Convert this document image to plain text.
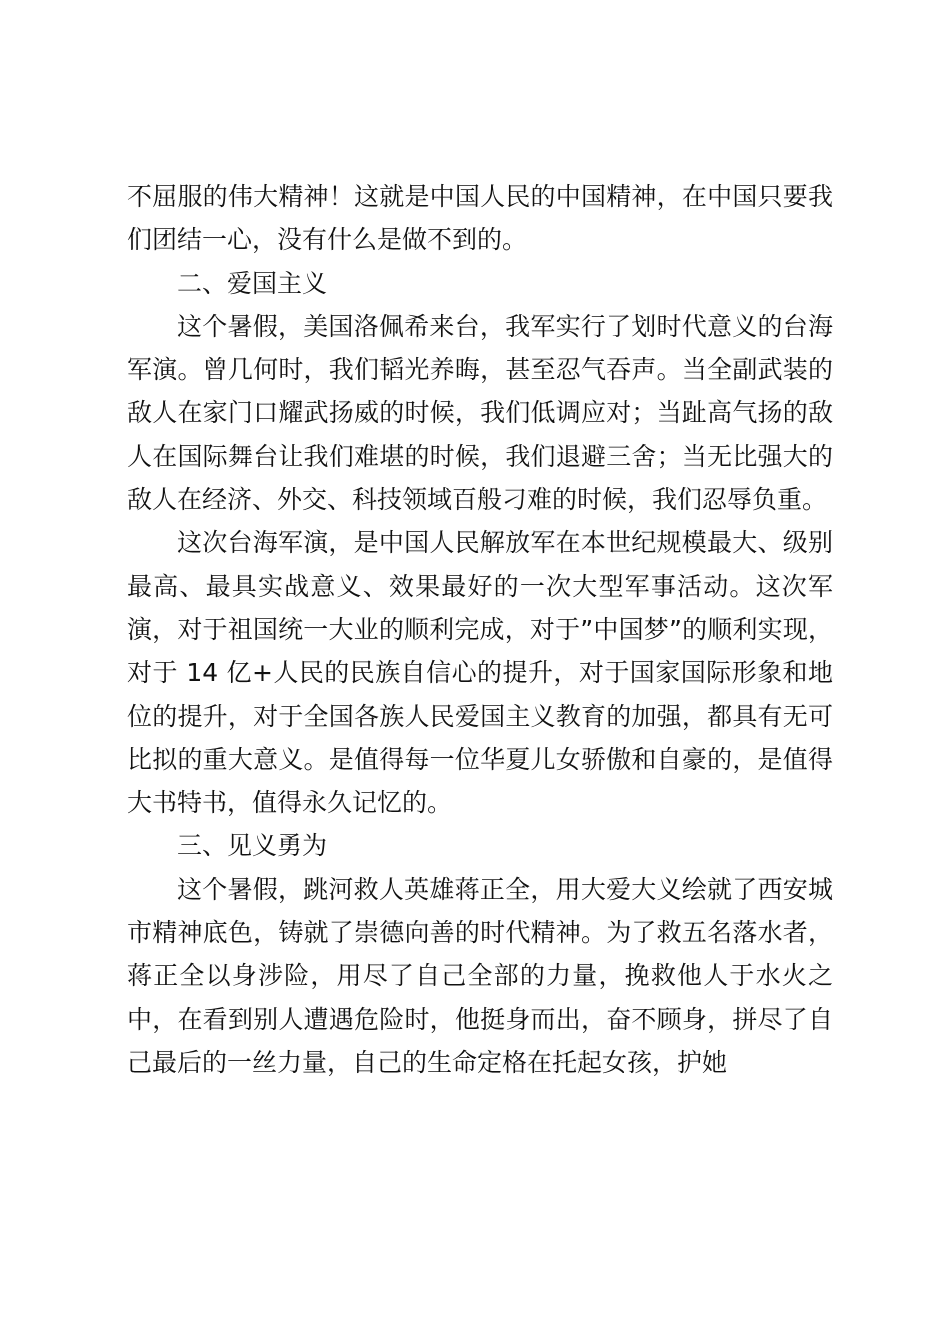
不屈服的伟大精神！这就是中国人民的中国精神，在中国只要我们团结一心，没有什么是做不到的。

二、爱国主义

这个暑假，美国洛佩希来台，我军实行了划时代意义的台海军演。曾几何时，我们韬光养晦，甚至忍气吞声。当全副武装的敌人在家门口耀武扬威的时候，我们低调应对；当趾高气扬的敌人在国际舞台让我们难堪的时候，我们退避三舍；当无比强大的敌人在经济、外交、科技领域百般刁难的时候，我们忍辱负重。

这次台海军演，是中国人民解放军在本世纪规模最大、级别最高、最具实战意义、效果最好的一次大型军事活动。这次军演，对于祖国统一大业的顺利完成，对于”中国梦”的顺利实现，对于 14 亿+人民的民族自信心的提升，对于国家国际形象和地位的提升，对于全国各族人民爱国主义教育的加强，都具有无可比拟的重大意义。是值得每一位华夏儿女骄傲和自豪的，是值得大书特书，值得永久记忆的。

三、见义勇为

这个暑假，跳河救人英雄蒋正全，用大爱大义绘就了西安城市精神底色，铸就了崇德向善的时代精神。为了救五名落水者，蒋正全以身涉险，用尽了自己全部的力量，挽救他人于水火之中，在看到别人遭遇危险时，他挺身而出，奋不顾身，拼尽了自己最后的一丝力量，自己的生命定格在托起女孩，护她
